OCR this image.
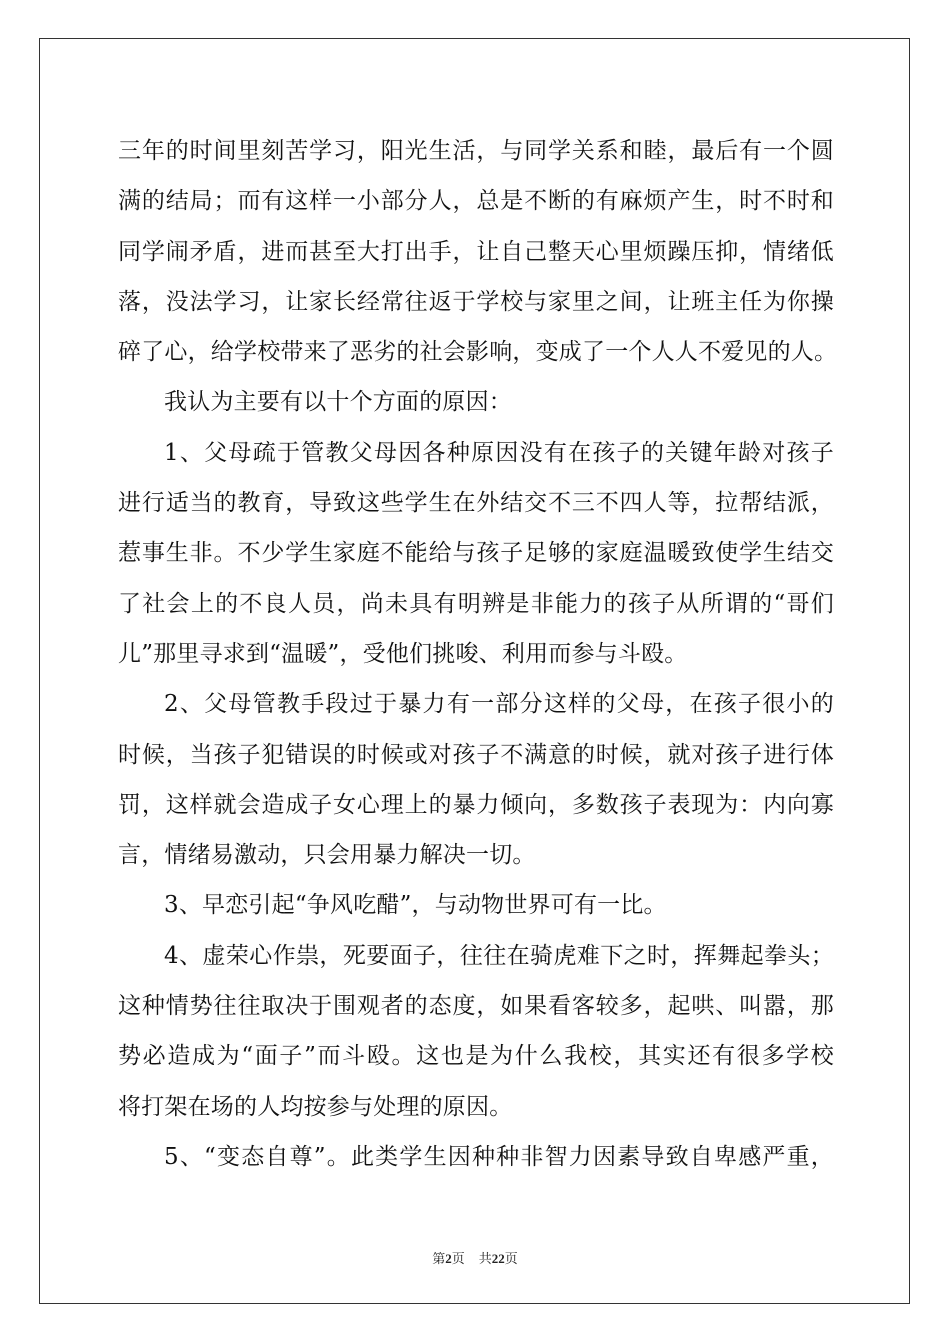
三年的时间里刻苦学习，阳光生活，与同学关系和睦，最后有一个圆
满的结局；而有这样一小部分人，总是不断的有麻烦产生，时不时和
同学闹矛盾，进而甚至大打出手，让自己整天心里烦躁压抑，情绪低
落，没法学习，让家长经常往返于学校与家里之间，让班主任为你操
碎了心，给学校带来了恶劣的社会影响，变成了一个人人不爱见的人。
我认为主要有以十个方面的原因：
1、父母疏于管教父母因各种原因没有在孩子的关键年龄对孩子
进行适当的教育，导致这些学生在外结交不三不四人等，拉帮结派，
惹事生非。不少学生家庭不能给与孩子足够的家庭温暖致使学生结交
了社会上的不良人员，尚未具有明辨是非能力的孩子从所谓的“哥们
儿”那里寻求到“温暖”，受他们挑唆、利用而参与斗殴。
2、父母管教手段过于暴力有一部分这样的父母，在孩子很小的
时候，当孩子犯错误的时候或对孩子不满意的时候，就对孩子进行体
罚，这样就会造成子女心理上的暴力倾向，多数孩子表现为：内向寡
言，情绪易激动，只会用暴力解决一切。
3、早恋引起“争风吃醋”，与动物世界可有一比。
4、虚荣心作祟，死要面子，往往在骑虎难下之时，挥舞起拳头；
这种情势往往取决于围观者的态度，如果看客较多，起哄、叫嚣，那
势必造成为“面子”而斗殴。这也是为什么我校，其实还有很多学校
将打架在场的人均按参与处理的原因。
5、“变态自尊”。此类学生因种种非智力因素导致自卑感严重，
第2页 共22页
